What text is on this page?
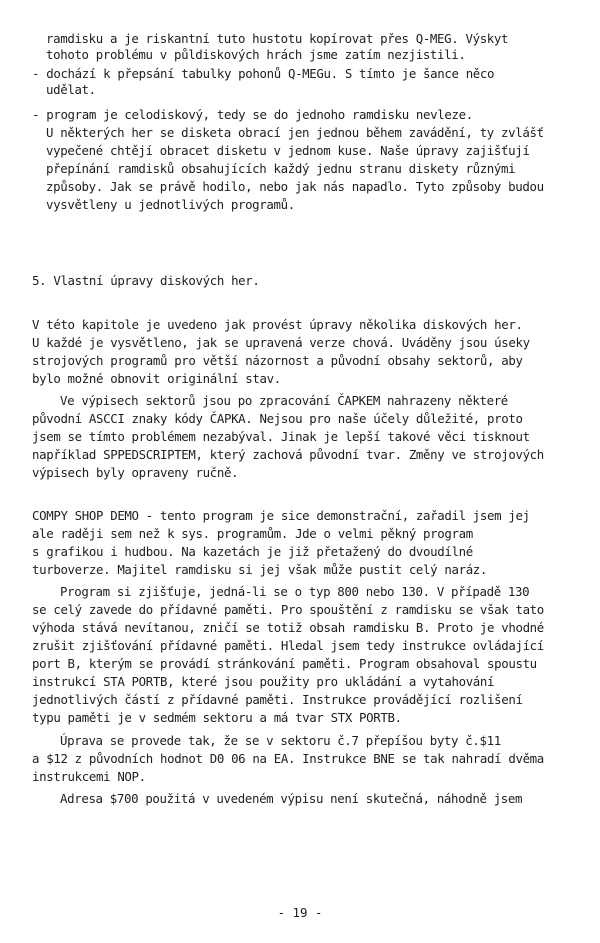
ramdisku a je riskantní tuto hustotu kopírovat přes Q-MEG. Výskyt
tohoto problému v půldiskových hrách jsme zatím nezjistili.
- dochází k přepsání tabulky pohonů Q-MEGu. S tímto je šance něco
udělat.
- program je celodiskový, tedy se do jednoho ramdisku nevleze.
U některých her se disketa obrací jen jednou během zavádění, ty zvlášť
vypečené chtějí obracet disketu v jednom kuse. Naše úpravy zajišťují
přepínání ramdisků obsahujících každý jednu stranu diskety různými
způsoby. Jak se právě hodilo, nebo jak nás napadlo. Tyto způsoby budou
vysvětleny u jednotlivých programů.
5. Vlastní úpravy diskových her.
V této kapitole je uvedeno jak provést úpravy několika diskových her.
U každé je vysvětleno, jak se upravená verze chová. Uváděny jsou úseky
strojových programů pro větší názornost a původní obsahy sektorů, aby
bylo možné obnovit originální stav.
Ve výpisech sektorů jsou po zpracování ČAPKEM nahrazeny některé
původní ASCCI znaky kódy ČAPKA. Nejsou pro naše účely důležité, proto
jsem se tímto problémem nezabýval. Jinak je lepší takové věci tisknout
například SPPEDSCRIPTEM, který zachová původní tvar. Změny ve strojových
výpisech byly opraveny ručně.
COMPY SHOP DEMO - tento program je sice demonstrační, zařadil jsem jej
ale raději sem než k sys. programům. Jde o velmi pěkný program
s grafikou i hudbou. Na kazetách je již přetažený do dvoudílné
turboverze. Majitel ramdisku si jej však může pustit celý naráz.
Program si zjišťuje, jedná-li se o typ 800 nebo 130. V případě 130
se celý zavede do přídavné paměti. Pro spouštění z ramdisku se však tato
výhoda stává nevítanou, zničí se totiž obsah ramdisku B. Proto je vhodné
zrušit zjišťování přídavné paměti. Hledal jsem tedy instrukce ovládající
port B, kterým se provádí stránkování paměti. Program obsahoval spoustu
instrukcí STA PORTB, které jsou použity pro ukládání a vytahování
jednotlivých částí z přídavné paměti. Instrukce provádějící rozlišení
typu paměti je v sedmém sektoru a má tvar STX PORTB.
Úprava se provede tak, že se v sektoru č.7 přepíšou byty č.$11
a $12 z původních hodnot D0 06 na EA. Instrukce BNE se tak nahradí dvěma
instrukcemi NOP.
Adresa $700 použitá v uvedeném výpisu není skutečná, náhodně jsem
- 19 -
